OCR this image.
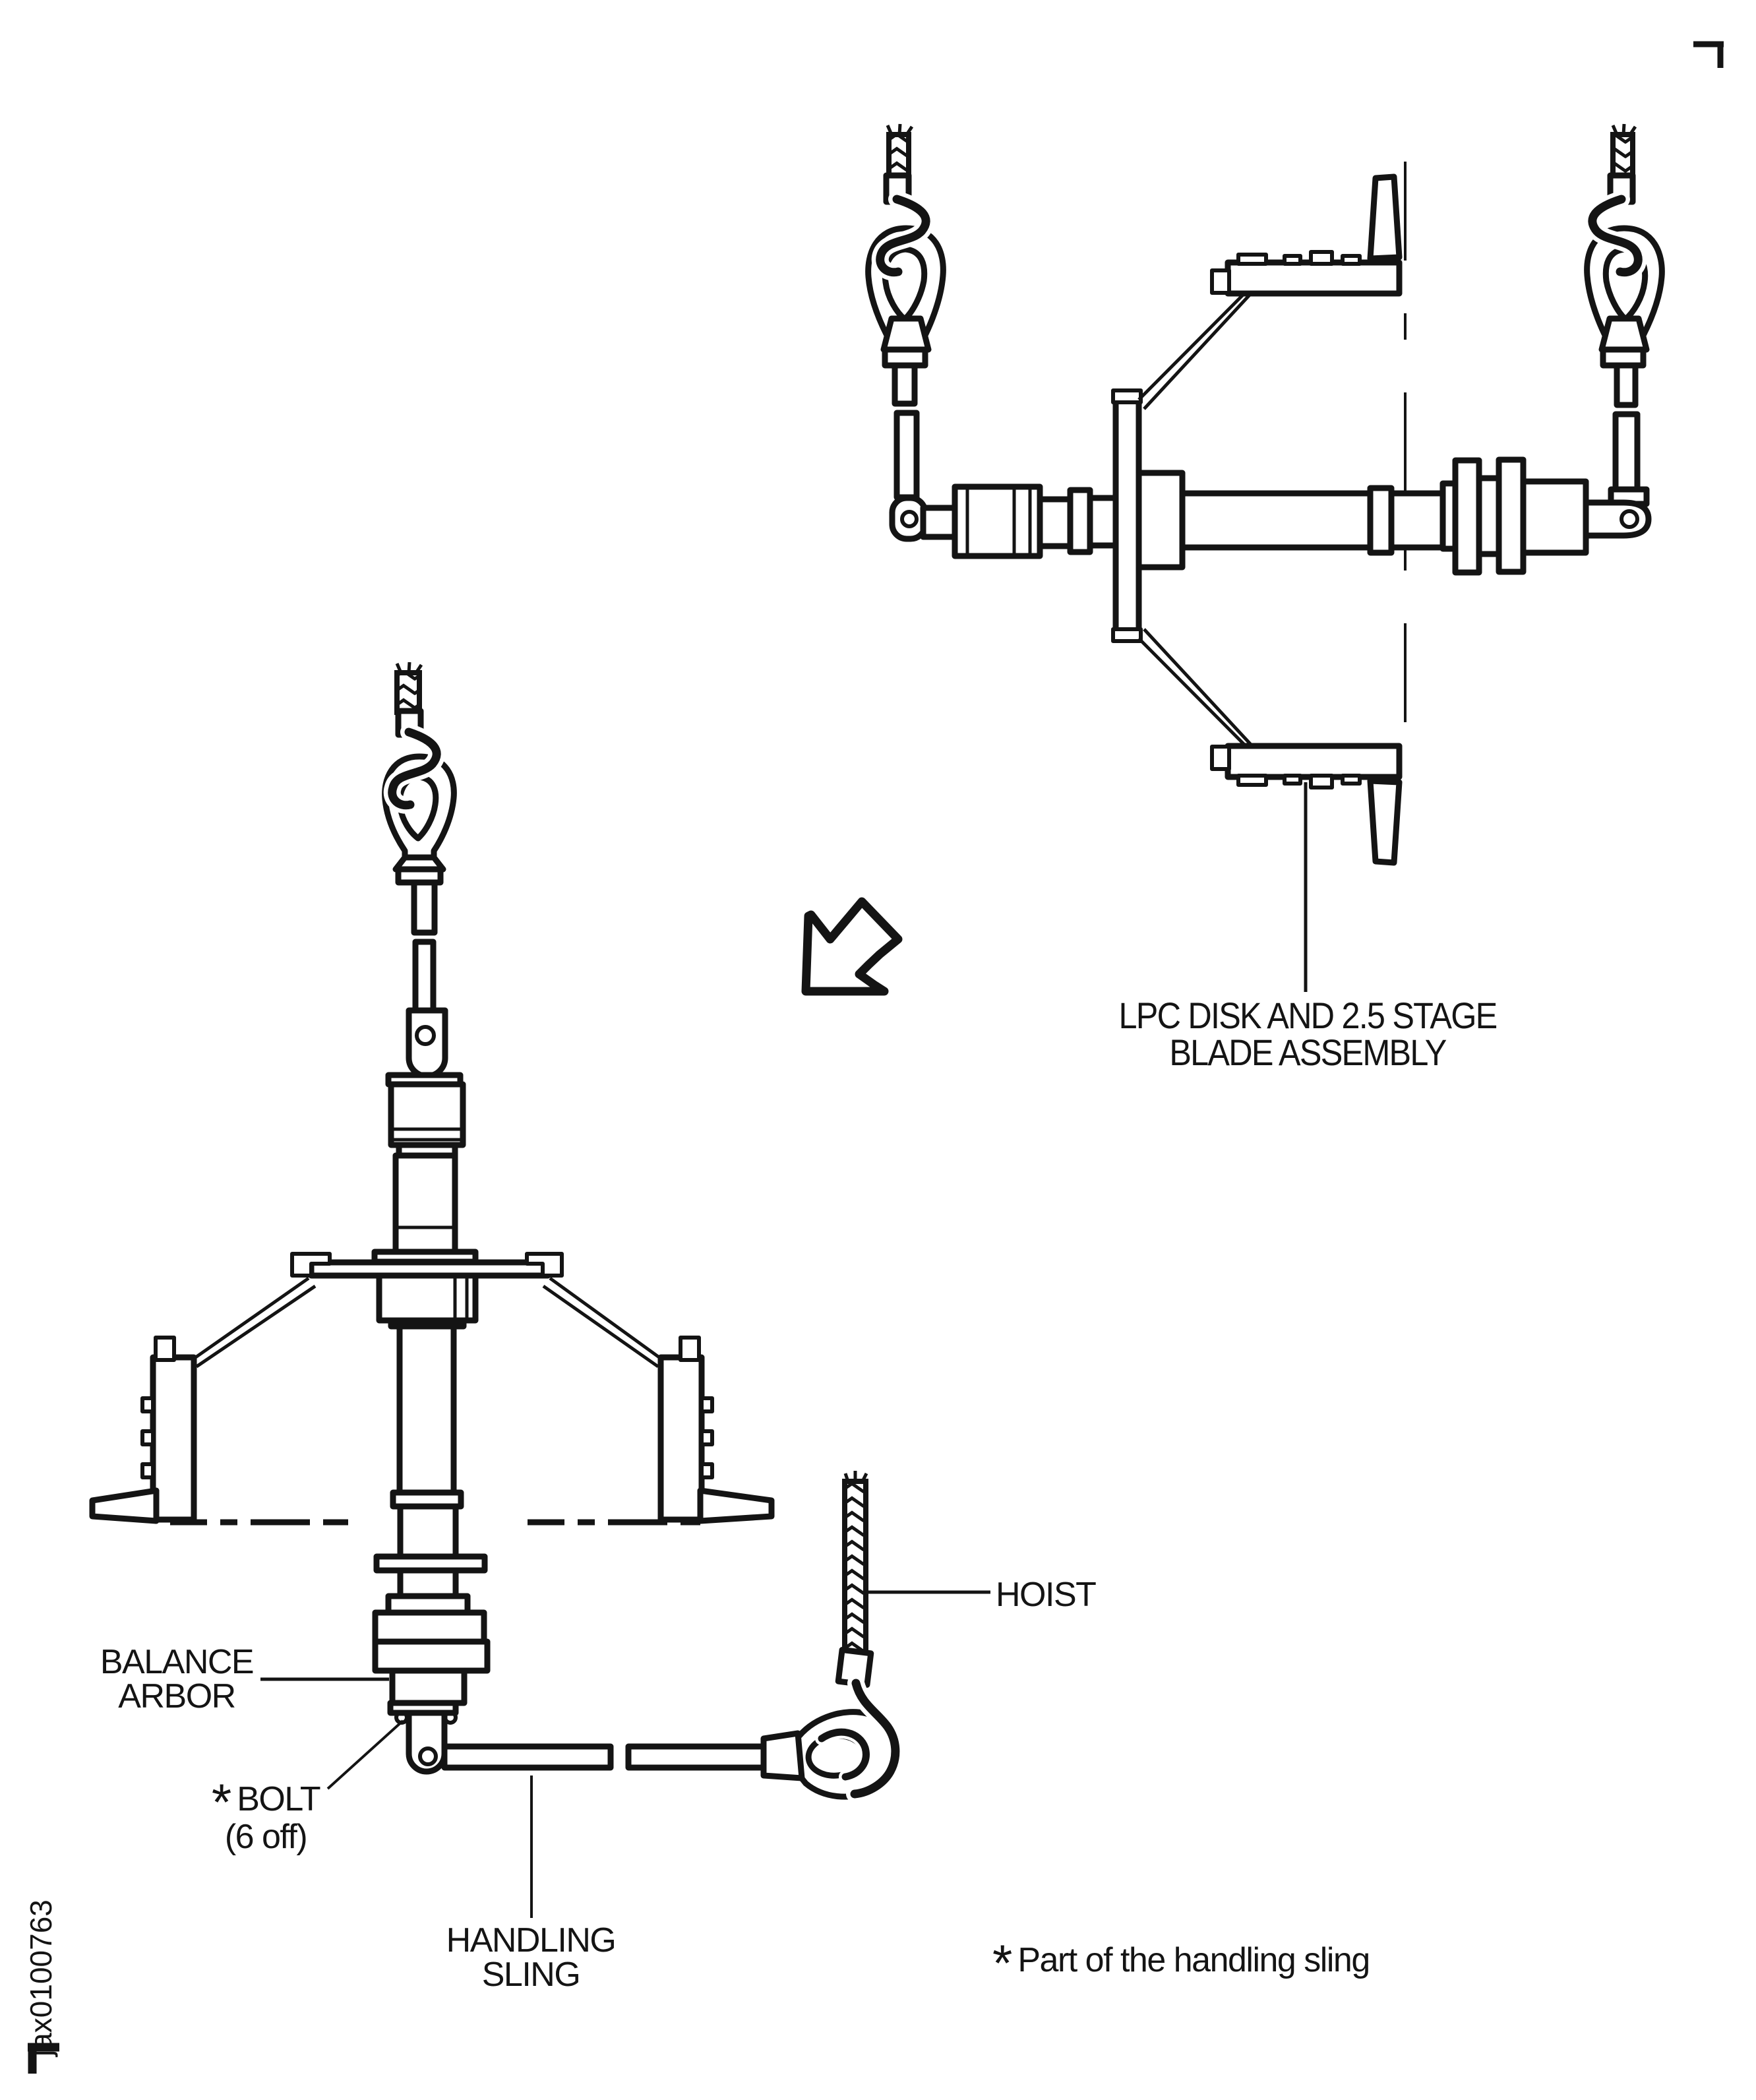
LPC DISK AND 2.5 STAGE
BLADE ASSEMBLY
HOIST
BALANCE
ARBOR
* BOLT
(6 off)
HANDLING
SLING	* Part of the handling sling
jax0100763
